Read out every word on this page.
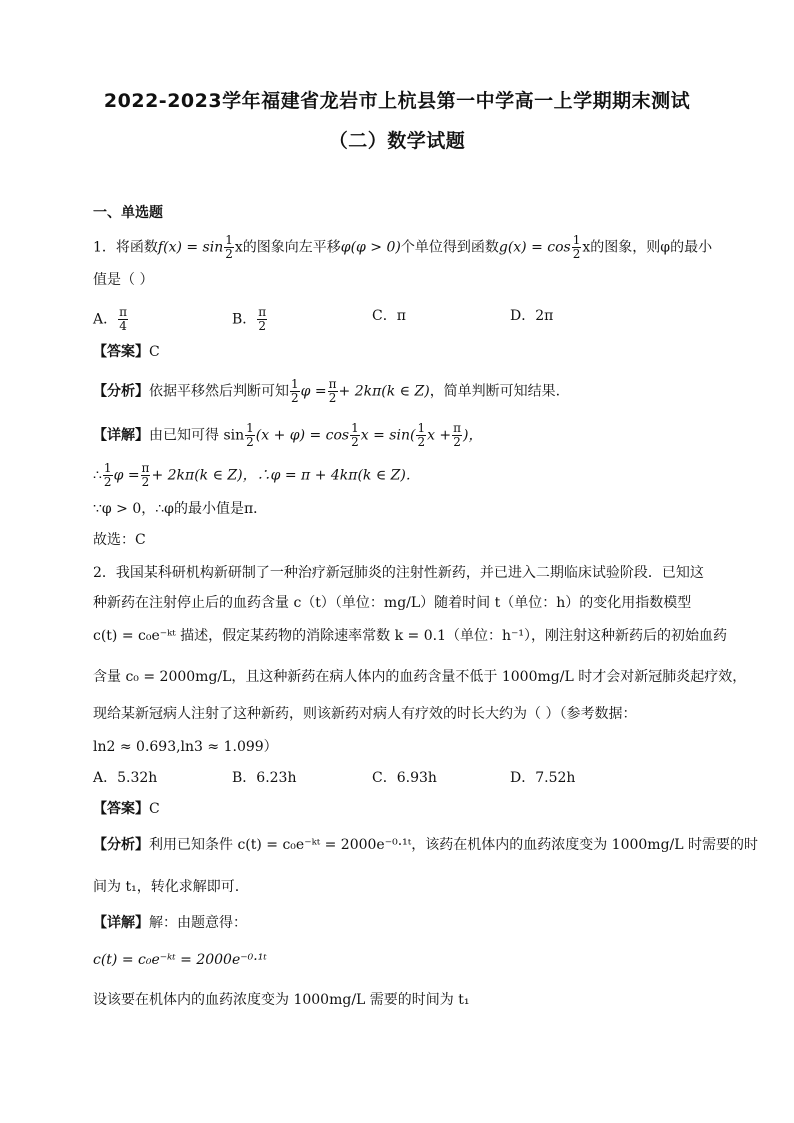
2022-2023学年福建省龙岩市上杭县第一中学高一上学期期末测试
（二）数学试题
一、单选题
1．将函数$f(x) = \sin \frac{1}{2}$ x的图象向左平移φ(φ > 0)个单位得到函数$g(x) = \cos \frac{1}{2}$ x的图象，则φ的最小
值是（ ）
A． $\frac{\pi}{4}$	B． $\frac{\pi}{2}$	C．π	D．2π
【答案】C
【分析】依据平移然后判断可知 $\frac{1}{2}$ $\varphi = \frac{\pi}{2} + 2k\pi(k$ ∈ Z)，简单判断可知结果.
【详解】由已知可得 $\sin \frac{1}{2} (x + \varphi) = \cos \frac{1}{2}$ $x = \sin( \frac{1}{2}$ $x + \frac{\pi}{2}$ )，
∴ $\frac{1}{2}$ $\varphi = \frac{\pi}{2} + 2k\pi(k$ ∈ Z)，∴φ = π + 4kπ(k ∈ Z)．
∵φ > 0，∴φ的最小值是π．
故选：C
2．我国某科研机构新研制了一种治疗新冠肺炎的注射性新药，并已进入二期临床试验阶段．已知这
种新药在注射停止后的血药含量 c（t）（单位：mg/L）随着时间 t（单位：h）的变化用指数模型
c(t) = c₀e⁻ᵏᵗ 描述，假定某药物的消除速率常数 k = 0.1（单位：h⁻¹），刚注射这种新药后的初始血药
含量 c₀ = 2000mg/L，且这种新药在病人体内的血药含量不低于 1000mg/L 时才会对新冠肺炎起疗效，
现给某新冠病人注射了这种新药，则该新药对病人有疗效的时长大约为（ ）（参考数据：
ln2 ≈ 0.693,ln3 ≈ 1.099）
A．5.32h	B．6.23h	C．6.93h	D．7.52h
【答案】C
【分析】利用已知条件 c(t) = c₀e⁻ᵏᵗ = 2000e⁻⁰·¹ᵗ，该药在机体内的血药浓度变为 1000mg/L 时需要的时
间为 t₁，转化求解即可.
【详解】解：由题意得：
c(t) = c₀e⁻ᵏᵗ = 2000e⁻⁰·¹ᵗ
设该要在机体内的血药浓度变为 1000mg/L 需要的时间为 t₁
